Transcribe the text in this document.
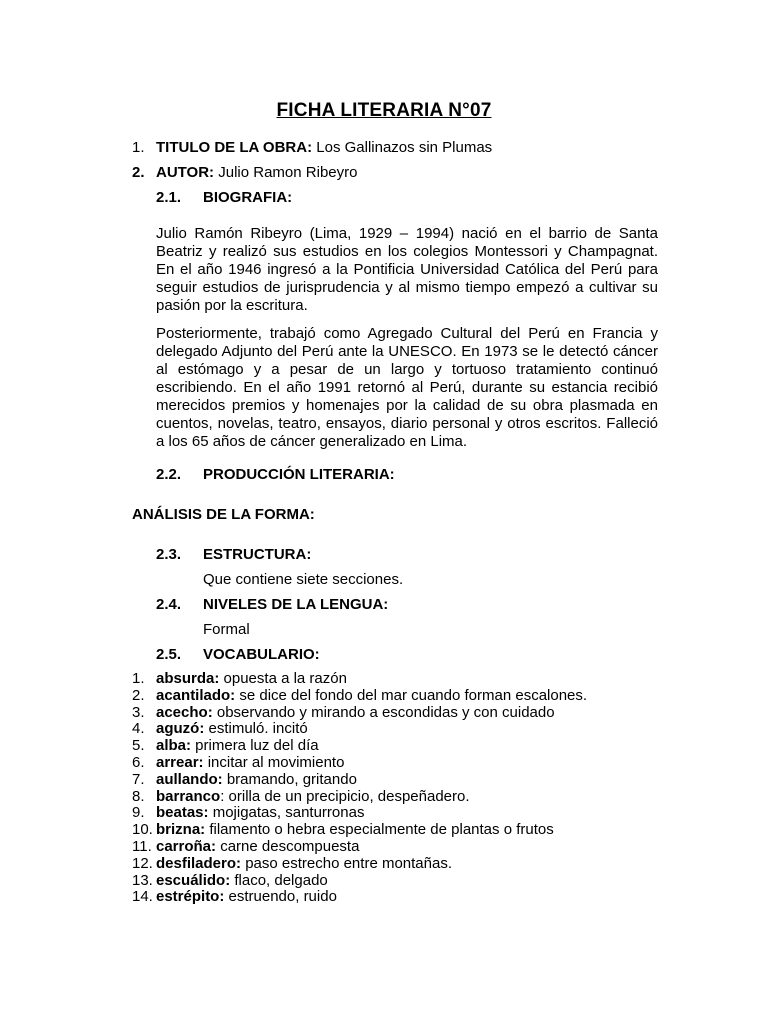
FICHA LITERARIA N°07
1. TITULO DE LA OBRA: Los Gallinazos sin Plumas
2. AUTOR: Julio Ramon Ribeyro
2.1. BIOGRAFIA:
Julio Ramón Ribeyro (Lima, 1929 – 1994) nació en el barrio de Santa Beatriz y realizó sus estudios en los colegios Montessori y Champagnat. En el año 1946 ingresó a la Pontificia Universidad Católica del Perú para seguir estudios de jurisprudencia y al mismo tiempo empezó a cultivar su pasión por la escritura.
Posteriormente, trabajó como Agregado Cultural del Perú en Francia y delegado Adjunto del Perú ante la UNESCO. En 1973 se le detectó cáncer al estómago y a pesar de un largo y tortuoso tratamiento continuó escribiendo. En el año 1991 retornó al Perú, durante su estancia recibió merecidos premios y homenajes por la calidad de su obra plasmada en cuentos, novelas, teatro, ensayos, diario personal y otros escritos. Falleció a los 65 años de cáncer generalizado en Lima.
2.2. PRODUCCIÓN LITERARIA:
ANÁLISIS DE LA FORMA:
2.3. ESTRUCTURA:
Que contiene siete secciones.
2.4. NIVELES DE LA LENGUA:
Formal
2.5. VOCABULARIO:
1. absurda: opuesta a la razón
2. acantilado: se dice del fondo del mar cuando forman escalones.
3. acecho: observando y mirando a escondidas y con cuidado
4. aguzó: estimuló. incitó
5. alba: primera luz del día
6. arrear: incitar al movimiento
7. aullando: bramando, gritando
8. barranco: orilla de un precipicio, despeñadero.
9. beatas: mojigatas, santurronas
10. brizna: filamento o hebra especialmente de plantas o frutos
11. carroña: carne descompuesta
12. desfiladero: paso estrecho entre montañas.
13. escuálido: flaco, delgado
14. estrépito: estruendo, ruido
